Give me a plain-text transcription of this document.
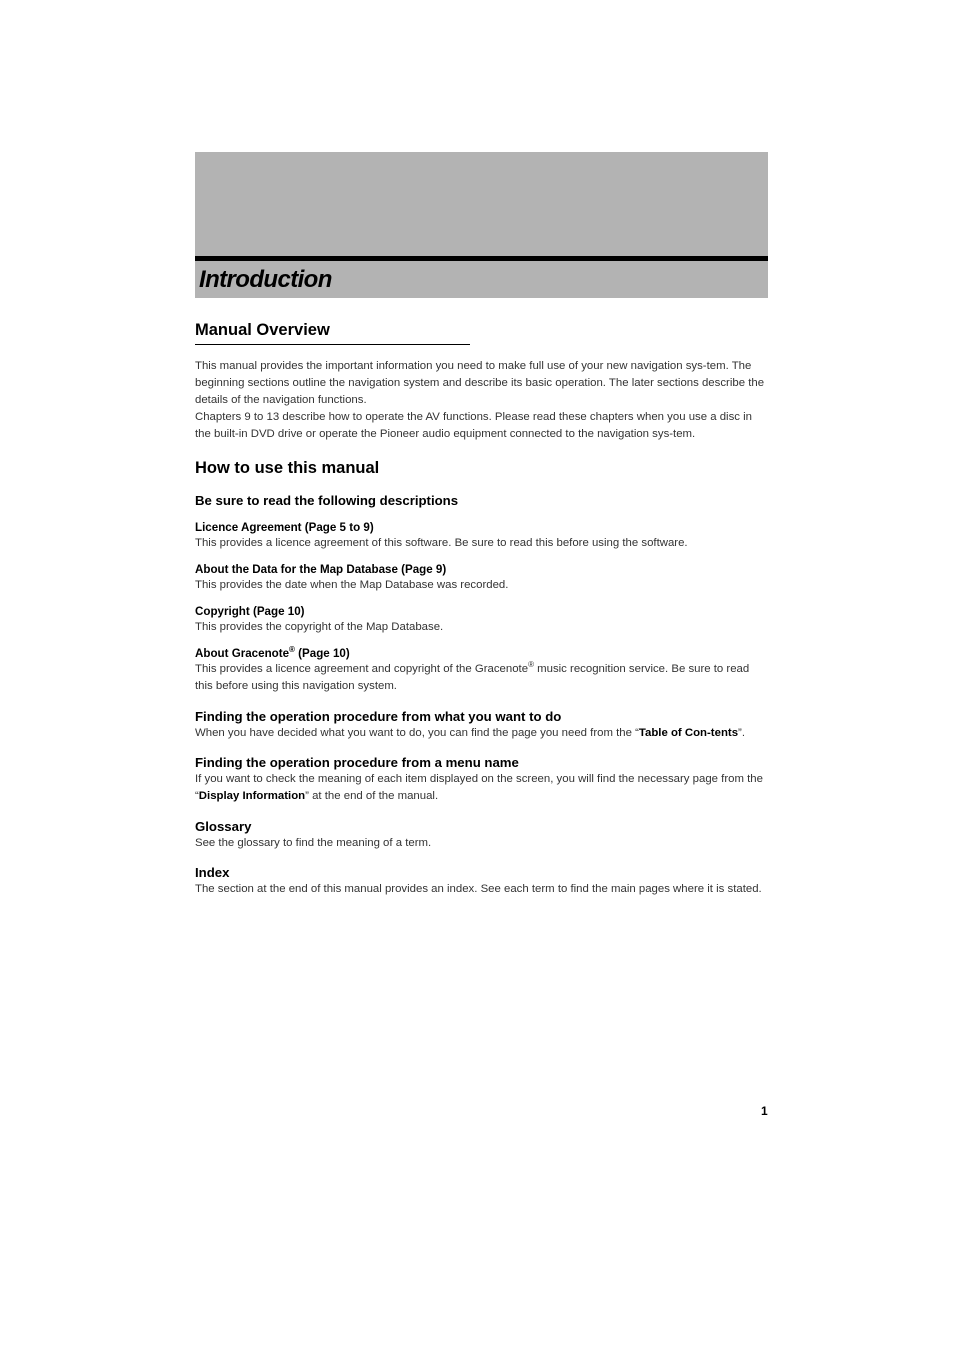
Introduction
Manual Overview

This manual provides the important information you need to make full use of your new navigation sys-tem. The beginning sections outline the navigation system and describe its basic operation. The later sections describe the details of the navigation functions.

Chapters 9 to 13 describe how to operate the AV functions. Please read these chapters when you use a disc in the built-in DVD drive or operate the Pioneer audio equipment connected to the navigation sys-tem.

How to use this manual
Be sure to read the following descriptions
Licence Agreement (Page 5 to 9)

This provides a licence agreement of this software. Be sure to read this before using the software.

About the Data for the Map Database (Page 9)

This provides the date when the Map Database was recorded.

Copyright (Page 10)

This provides the copyright of the Map Database.

About Gracenote® (Page 10)

This provides a licence agreement and copyright of the Gracenote® music recognition service. Be sure to read this before using this navigation system.

Finding the operation procedure from what you want to do

When you have decided what you want to do, you can find the page you need from the “Table of Con-tents”.

Finding the operation procedure from a menu name

If you want to check the meaning of each item displayed on the screen, you will find the necessary page from the “Display Information” at the end of the manual.

Glossary

See the glossary to find the meaning of a term.

Index

The section at the end of this manual provides an index. See each term to find the main pages where it is stated.

1
